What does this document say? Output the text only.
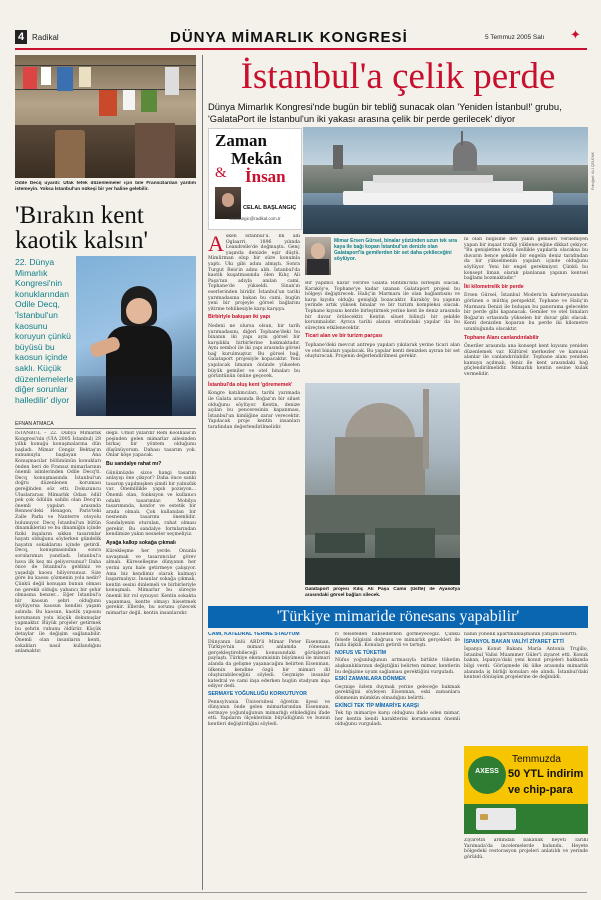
4 Radikal	DÜNYA MİMARLIK KONGRESİ	5 Temmuz 2005 Salı ✦
Odile Decq uyardı: Ufak tefek düzenlemeler için bile Fransızlardan yardım istemeyin. Yoksa İstanbul'un nükeşi bir yer haline gelebilir.
'Bırakın kent kaotik kalsın'
22. Dünya Mimarlık Kongresi'nin konuklarından Odile Decq, 'İstanbul'un kaosunu koruyun çünkü büyüsü bu kaosun içinde saklı. Küçük düzenlemelerle diğer sorunlar halledilir' diyor
EFNAN ATMACA
İSTANBUL – 22. Dünya Mimarlık Kongresi'nin (UIA 2005 İstanbul) 28 yıllık konuğu konuşmalarına dün başladı. Mimar Cengiz Bektaş'ın sunumuyla başlayan Ana Konuşmacılar bölümünün konukları önden beri de Fransız mimarlarının önemli isimlerinden Odile Decq'ti. Decq konuşmasında İstanbul'un doğru düzenlenen koruması gereğinden söz etti. Dokuzuncu Uluslararası Mimarlık Odası ödül pek çok ödülün sahibi olan Decq'in önemli yapıları arasında Rennes'deki Hexagon, Paris'teki Zalle Parkı ve Nanterre otoyolu bulunuyor. Decq İstanbul'un bütün dinamiklerini ve bu dinamiğin içinde fiziki inşaların sıkkın tasarımlar hayatı olduğunu söylerken gündelik hayatın sokaklarını içinde getirdi. Decq, konuşmasından sonra sorularımızı yanıtladı. İstanbul'a hava ilk kez mi geliyorsunuz? Daha önce de İstanbul'a geldiniz ve yaşadığı kaosu biliyorsunuz. Size göre bu kaosu çözmenin yolu nedir? Çünkü değil konuşan bunun olması ne gerekli olduğu yabancı bir şehir olmasına benzer... Eğer İstanbul'a bir kaosun şehri olduğunu söylüyorsa kaosun kendisi yaşam aslında. Bu kaosun, kaotik yapısını korumanın yolu küçük dokunuşlar yapmaktır. Büyük projeler getirmek bu şehrin ruhunu öldürür. Küçük detaylar ile değişim sağlanabilir. Önemli olan insanların kenti, sokakları nasıl kullandığını anlamaktır.
değil. Umut yıllardır Rem Koolhaas'ın peşinden gelen mimarlar ailesinden birkaç bir yöntem olduğunu düşünüyorum. Dahası tasarım yok. Onlar köşe yapacak.
Bu sandalye rahat mı?
Günümüzde sizce hangi tasarım anlayışı öne çıkıyor? Daha önce sanki tasarım yapılmışken şimdi bir yalnızlık var. Önemlilikle yapılı pozisyon... Önemli olan, fonksiyon ve kullanıcı odaklı tasarımlar. Mobilya tasarımında, konfor ve estetik bir arada olmalı. Çok kullanılan bir nesnenin tasarımı önemlidir. Sandalyenin oturulan, rahat olması gerekir. Bu sandalye formlarından kendimize yakın nesneler seçmeliyiz.
Ayağa kalkıp sokağa çıkmalı
Kürekleşme her yerde. Onunla savaşmak ve tasarımcılar görev almalı. Küreselleşme dünyanın her yerini aynı hale getirmeye çalışıyor. Ama biz kendimiz olarak kalmayı başarmalıyız. İnsanlar sokağa çıkmalı, kentin sesini dinlemeli ve birbirleriyle konuşmalı. Mimarlar bu süreçte önemli bir rol oynuyor. Kentin sokakta yaşanması, kentte olmayı hissetmek gerekir. Ellerde, bu sorunu çözecek mimarlar değil, kentin insanlarıdır.
İstanbul'a çelik perde
Dünya Mimarlık Kongresi'nde bugün bir tebliğ sunacak olan 'Yeniden İstanbul!' grubu, 'GalataPort ile İstanbul'un iki yakası arasına çelik bir perde gerilecek' diyor
Zaman
Mekân
& İnsan
CELAL BAŞLANGIÇ
cbaslangic@radikal.com.tr
Fotoğraf: ALİ ÇELENK
Asken İstanbul'u. İlk adı Oglaarri. 1896 yılında Leandrelle'de doğmuştu. Genç yaşında denizde eşir düştü. Mimlirman olup bir süre konumla yaptı. Ukı gibi adını almıştı. Sonra Turgut Reis'in adını aldı. İstanbul'da kaotik kuşatmasında ölen Kılıç Ali Paşa'nın adıyla anılan cami, Tophane'de yükseldi. Sinan'ın eserlerinden biridir. İstanbul'un tarihi yarımadasına bakan bu cami, bugün yeni bir projeyle görsel bağlarını yitirme tehlikesiyle karşı karşıya.
Birbiriyle bakışan iki yapı
Nedeni ne olursa olsun, bir tarih yarımadasını, diğeri Tophane'deki bu binanın iki yapı aynı görsel bir karşılıkla birbirlerine bakmaktadır. Aynı sembol ile iki yapı arasında görsel bağ kurulmuştur. Bu görsel bağ, Galataport projesiyle kopacaktır. Yeni yapılacak limanın önünde yükselen büyük gemiler ve otel binaları bu görüntünün önüne geçecek.
İstanbul'da oluş kent 'görememek'
Kongre katılımcıları, tarihi yarımada ile Galata arasında Boğaz'ın bir siluet olduğunu söylüyor. Kentin, denize açılan bu penceresinin kapanması, İstanbul'un kimliğine zarar verecektir. Yapılacak proje kentin insanları tarafından değerlendirilmelidir.
Mimar Ersen Gürsel, binalar yüzünden uzun tek sıra kaya ile bağı kopan İstanbul'un denizle olan Galataport'la gemilerden bir set daha çekileceğini söylüyor.
Bir yapımcı karar verirse Galata Rıhtımı'nda birleşim olacak. Karaköy'e, Tophane'ye kadar uzanan Galataport projesi bu bölgeyi değiştirecek. Haliç'in Marmara ile olan bağlantısını ve karşı kıyıda olduğu genişliği bozacaktır. Karaköy bu yapının yerinde artık yüksek binalar ve bir turizm kompleksi olacak. Tophane kıyısını kentle birleştirmek yerine kent ile deniz arasında bir duvar örülecektir. Kentin siluet bilinçli bir şekilde korunmalıdır. Ayrıca tarihi alanın etrafındaki yapılar da bu süreçten etkilenecektir.
Ticari alan ve bir turizm parçası
Tophane'deki mevcut antrepo yapıları yıkılarak yerine ticari alan ve otel binaları yapılacak. Bu yapılar kenti denizden ayıran bir set oluşturacak. Projenin değerlendirilmesi gerekir.
ni olan bilgisine dev yakın gemileri verilemiyen yapan bir inşaat trafiği yükleneceğine dikkat çekiyor. "Bu genişletme koyu özellikle yapılarla olacaksa bu duvarın bence şekilde bir engelin deniz tarafından da bir yükselmenin yapıları içinde olduğunu söylüyor. Yeni bir engel gerekmiyor. Çünkü bu konsept liman olarak planlanan yapının kentsel bağlamı bozmaktadır."
İki kilometrelik bir perde
Ersen Gürsel, İstanbul Modern'in kafeteryasından görünen o müthiş perspektif, Tophane ve Haliç'in Marmara Denizi ile buluşan bu panorama gelecekte bir perde gibi kapanacak. Gemiler ve otel binaları Boğaz'ın ortasında yükselen bir duvar gibi olacak. Kenti denizden koparan bu perde iki kilometre uzunluğunda olacaktır.
Tophane Alanı canlandırılabilir
Öneriler arasında ana konsept kent kıyısını yeniden düzenlemek var. Kültürel merkezler ve kamusal alanlar ile canlandırılabilir. Tophane alanı yeniden kamuya açılmalı, deniz ile kent arasındaki bağ güçlendirilmelidir. Mimarlık kentin sesine kulak vermelidir.
Galataport projesi Kılıç Ali Paşa Camii (üstte) ile Ayasofya arasındaki görsel bağları silecek.
'Türkiye mimaride rönesans yapabilir'
CAMİ, KATEDRAL YERİNE STADYUM
Dünyanın ünlü ABD'li Mimar Peter Eisenman, Türkiye'nin mimari anlamda rönesans gerçekleştirebileceği konusundaki görüşlerini paylaştı. Türkiye ekonomisinin büyümesi ile mimari alanda da gelişme yaşanacağını belirten Eisenman, ülkenin kendine özgü bir mimari dil oluşturabileceğini söyledi. Geçmişte insanlar katedral ve cami inşa ederken bugün stadyum inşa ediyor dedi.
SERMAYE YOĞUNLUĞU KORKUTUYOR
Pennsylvania Üniversitesi öğretim üyesi ve dünyanın önde gelen mimarlarından Eisenman, sermaye yoğunluğunun mimarlığı etkilediğini ifade etti. Yapıların ölçeklerinin büyüdüğünü ve bunun kentleri değiştirdiğini söyledi.
ri felsefeden bahsederken görmeyeceğiz. Çünkü felsefe bilgisini doğrusu ve mimarlık gerçekleri ile fazla ilişkili. Konuları getirdi ve tartıştı.
NOFUS VE TÜKETİM
Nüfus yoğunluğunun artmasıyla birlikte tüketim alışkanlıklarının değiştiğini belirten mimar, kentlerin bu değişime uyum sağlaması gerektiğini vurguladı.
ESKİ ZAMANLARA DÖNMEK
Geçmişe özlem duymak yerine geleceğe bakmak gerektiğini söyleyen Eisenman, eski zamanlara dönmenin mümkün olmadığını belirtti.
EKİNCİ TEK TİP MİMARİYE KARŞI
Tek tip mimariye karşı olduğunu ifade eden mimar, her kentin kendi karakterini korumasının önemli olduğunu vurguladı.
nanın yönelik apartmanlaşmanın yatışını belirtti.
İSPANYOL BAKAN VALİYİ ZİYARET ETTİ
İspanya Konut Bakanı María Antonia Trujillo, İstanbul Valisi Muammer Güler'i ziyaret etti. Konuk bakan, İspanya'daki yeni konut projeleri hakkında bilgi verdi. Görüşmede iki ülke arasında mimarlık alanında iş birliği konuları ele alındı. İstanbul'daki kentsel dönüşüm projelerine de değinildi.
AXESS
Temmuzda
50 YTL indirim
ve chip-para
Ziyaretin ardından bakanlık heyeti Tarihi Yarımada'da incelemelerde bulundu. Heyete bölgedeki restorasyon projeleri anlatıldı ve yerinde görüldü.
